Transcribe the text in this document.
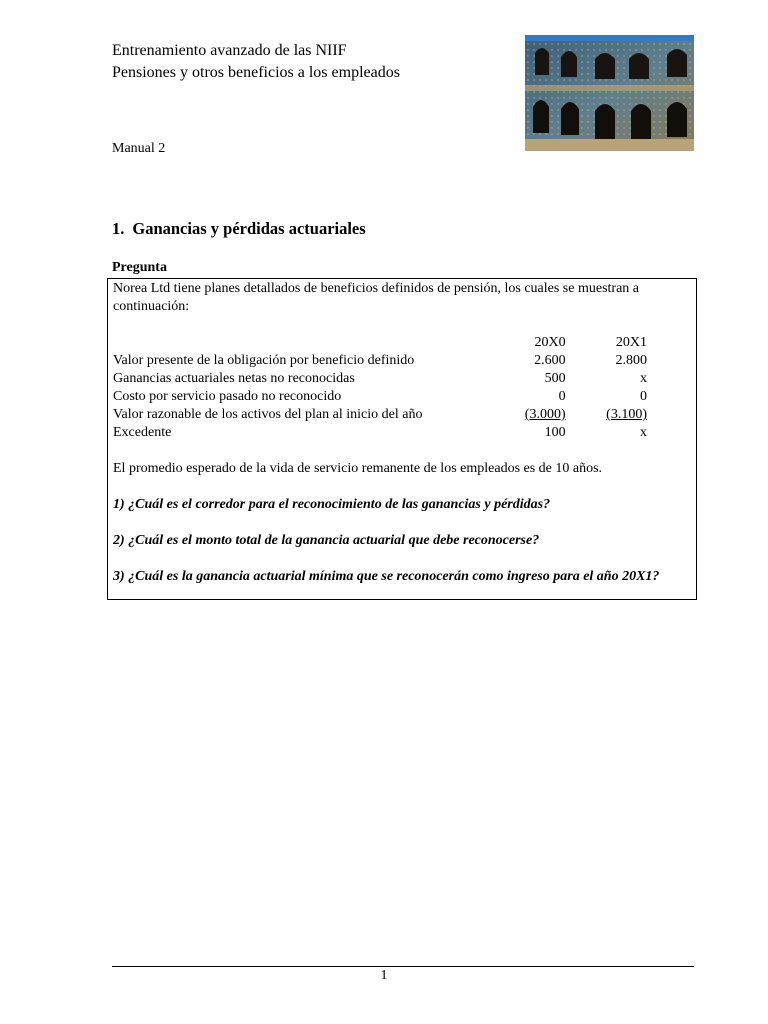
Entrenamiento avanzado de las NIIF
Pensiones y otros beneficios a los empleados
Manual 2
1. Ganancias y pérdidas actuariales
Pregunta

Norea Ltd tiene planes detallados de beneficios definidos de pensión, los cuales se muestran a continuación:

	20X0	20X1
Valor presente de la obligación por beneficio definido	2.600	2.800
Ganancias actuariales netas no reconocidas	500	x
Costo por servicio pasado no reconocido	0	0
Valor razonable de los activos del plan al inicio del año	(3.000)	(3.100)
Excedente	100	x

El promedio esperado de la vida de servicio remanente de los empleados es de 10 años.

1) ¿Cuál es el corredor para el reconocimiento de las ganancias y pérdidas?

2) ¿Cuál es el monto total de la ganancia actuarial que debe reconocerse?

3) ¿Cuál es la ganancia actuarial mínima que se reconocerán como ingreso para el año 20X1?

1
